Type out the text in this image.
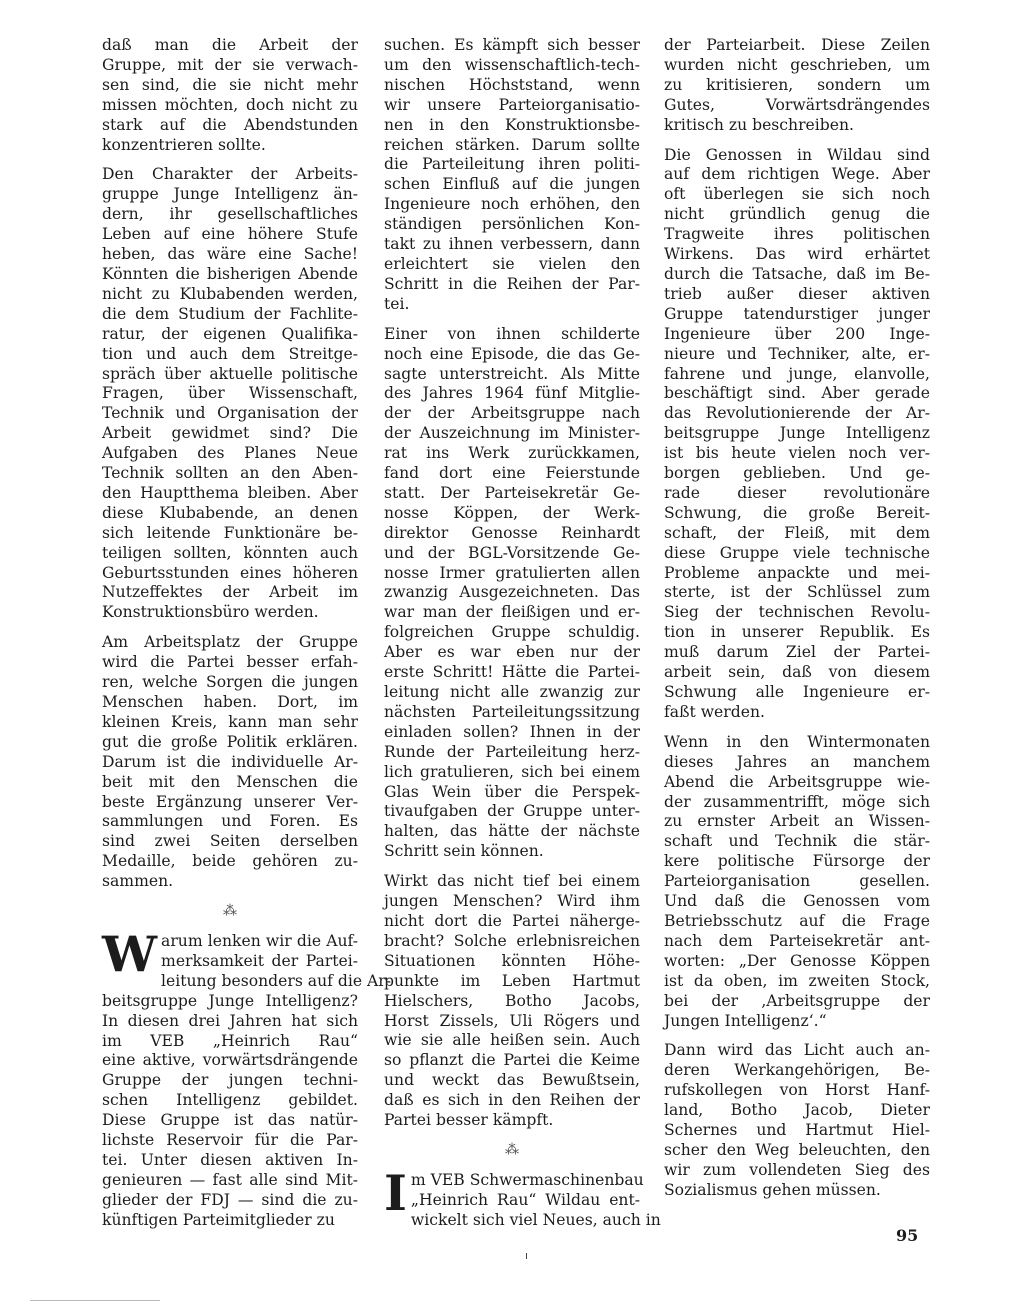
daß man die Arbeit der
Gruppe, mit der sie verwach-
sen sind, die sie nicht mehr
missen möchten, doch nicht zu
stark auf die Abendstunden
konzentrieren sollte.
Den Charakter der Arbeits-
gruppe Junge Intelligenz än-
dern, ihr gesellschaftliches
Leben auf eine höhere Stufe
heben, das wäre eine Sache!
Könnten die bisherigen Abende
nicht zu Klubabenden werden,
die dem Studium der Fachlite-
ratur, der eigenen Qualifika-
tion und auch dem Streitge-
spräch über aktuelle politische
Fragen, über Wissenschaft,
Technik und Organisation der
Arbeit gewidmet sind? Die
Aufgaben des Planes Neue
Technik sollten an den Aben-
den Hauptthema bleiben. Aber
diese Klubabende, an denen
sich leitende Funktionäre be-
teiligen sollten, könnten auch
Geburtsstunden eines höheren
Nutzeffektes der Arbeit im
Konstruktionsbüro werden.
Am Arbeitsplatz der Gruppe
wird die Partei besser erfah-
ren, welche Sorgen die jungen
Menschen haben. Dort, im
kleinen Kreis, kann man sehr
gut die große Politik erklären.
Darum ist die individuelle Ar-
beit mit den Menschen die
beste Ergänzung unserer Ver-
sammlungen und Foren. Es
sind zwei Seiten derselben
Medaille, beide gehören zu-
sammen.
⁂
W arum lenken wir die Auf-
merksamkeit der Partei-
leitung besonders auf die Ar-
beitsgruppe Junge Intelligenz?
In diesen drei Jahren hat sich
im VEB „Heinrich Rau“
eine aktive, vorwärtsdrängende
Gruppe der jungen techni-
schen Intelligenz gebildet.
Diese Gruppe ist das natür-
lichste Reservoir für die Par-
tei. Unter diesen aktiven In-
genieuren — fast alle sind Mit-
glieder der FDJ — sind die zu-
künftigen Parteimitglieder zu
suchen. Es kämpft sich besser
um den wissenschaftlich-tech-
nischen Höchststand, wenn
wir unsere Parteiorganisatio-
nen in den Konstruktionsbe-
reichen stärken. Darum sollte
die Parteileitung ihren politi-
schen Einfluß auf die jungen
Ingenieure noch erhöhen, den
ständigen persönlichen Kon-
takt zu ihnen verbessern, dann
erleichtert sie vielen den
Schritt in die Reihen der Par-
tei.
Einer von ihnen schilderte
noch eine Episode, die das Ge-
sagte unterstreicht. Als Mitte
des Jahres 1964 fünf Mitglie-
der der Arbeitsgruppe nach
der Auszeichnung im Minister-
rat ins Werk zurückkamen,
fand dort eine Feierstunde
statt. Der Parteisekretär Ge-
nosse Köppen, der Werk-
direktor Genosse Reinhardt
und der BGL-Vorsitzende Ge-
nosse Irmer gratulierten allen
zwanzig Ausgezeichneten. Das
war man der fleißigen und er-
folgreichen Gruppe schuldig.
Aber es war eben nur der
erste Schritt! Hätte die Partei-
leitung nicht alle zwanzig zur
nächsten Parteileitungssitzung
einladen sollen? Ihnen in der
Runde der Parteileitung herz-
lich gratulieren, sich bei einem
Glas Wein über die Perspek-
tivaufgaben der Gruppe unter-
halten, das hätte der nächste
Schritt sein können.
Wirkt das nicht tief bei einem
jungen Menschen? Wird ihm
nicht dort die Partei näherge-
bracht? Solche erlebnisreichen
Situationen könnten Höhe-
punkte im Leben Hartmut
Hielschers, Botho Jacobs,
Horst Zissels, Uli Rögers und
wie sie alle heißen sein. Auch
so pflanzt die Partei die Keime
und weckt das Bewußtsein,
daß es sich in den Reihen der
Partei besser kämpft.
⁂
I m VEB Schwermaschinenbau
„Heinrich Rau“ Wildau ent-
wickelt sich viel Neues, auch in
der Parteiarbeit. Diese Zeilen
wurden nicht geschrieben, um
zu kritisieren, sondern um
Gutes, Vorwärtsdrängendes
kritisch zu beschreiben.
Die Genossen in Wildau sind
auf dem richtigen Wege. Aber
oft überlegen sie sich noch
nicht gründlich genug die
Tragweite ihres politischen
Wirkens. Das wird erhärtet
durch die Tatsache, daß im Be-
trieb außer dieser aktiven
Gruppe tatendurstiger junger
Ingenieure über 200 Inge-
nieure und Techniker, alte, er-
fahrene und junge, elanvolle,
beschäftigt sind. Aber gerade
das Revolutionierende der Ar-
beitsgruppe Junge Intelligenz
ist bis heute vielen noch ver-
borgen geblieben. Und ge-
rade dieser revolutionäre
Schwung, die große Bereit-
schaft, der Fleiß, mit dem
diese Gruppe viele technische
Probleme anpackte und mei-
sterte, ist der Schlüssel zum
Sieg der technischen Revolu-
tion in unserer Republik. Es
muß darum Ziel der Partei-
arbeit sein, daß von diesem
Schwung alle Ingenieure er-
faßt werden.
Wenn in den Wintermonaten
dieses Jahres an manchem
Abend die Arbeitsgruppe wie-
der zusammentrifft, möge sich
zu ernster Arbeit an Wissen-
schaft und Technik die stär-
kere politische Fürsorge der
Parteiorganisation gesellen.
Und daß die Genossen vom
Betriebsschutz auf die Frage
nach dem Parteisekretär ant-
worten: „Der Genosse Köppen
ist da oben, im zweiten Stock,
bei der ‚Arbeitsgruppe der
Jungen Intelligenz‘.“
Dann wird das Licht auch an-
deren Werkangehörigen, Be-
rufskollegen von Horst Hanf-
land, Botho Jacob, Dieter
Schernes und Hartmut Hiel-
scher den Weg beleuchten, den
wir zum vollendeten Sieg des
Sozialismus gehen müssen.
95
